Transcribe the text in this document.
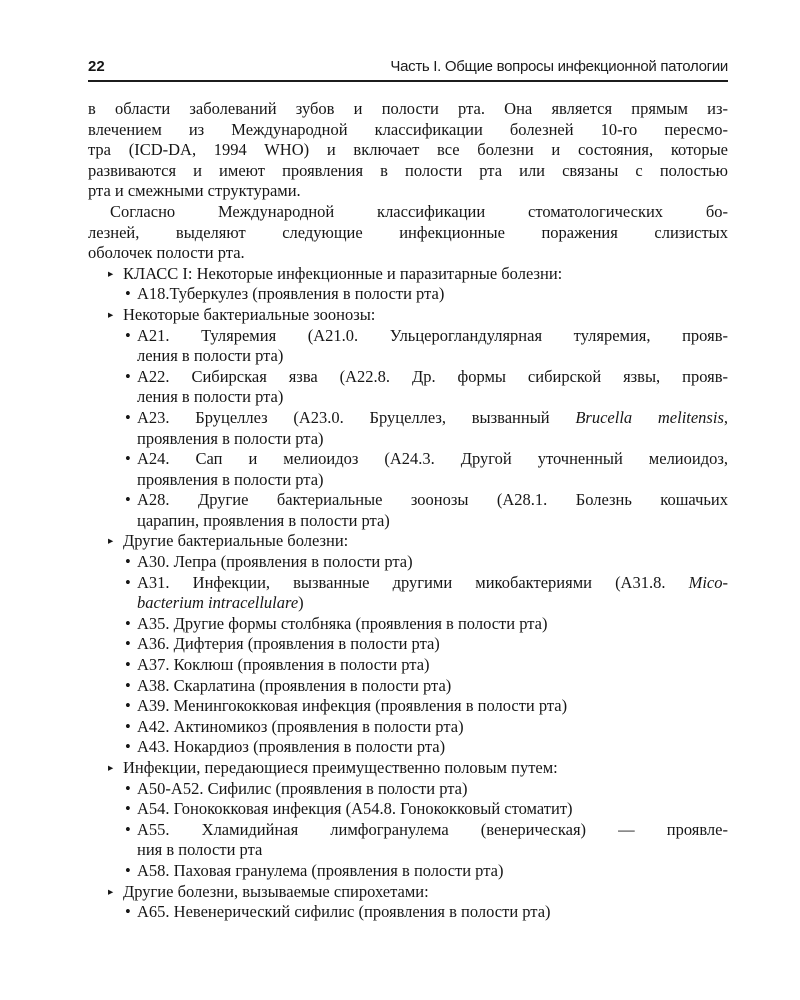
22	Часть I. Общие вопросы инфекционной патологии
в области заболеваний зубов и полости рта. Она является прямым из-
влечением из Международной классификации болезней 10-го пересмо-
тра (ICD-DA, 1994 WHO) и включает все болезни и состояния, которые
развиваются и имеют проявления в полости рта или связаны с полостью
рта и смежными структурами.
Согласно Международной классификации стоматологических бо-
лезней, выделяют следующие инфекционные поражения слизистых
оболочек полости рта.
▸ КЛАСС I: Некоторые инфекционные и паразитарные болезни:
• A18.Туберкулез (проявления в полости рта)
▸ Некоторые бактериальные зоонозы:
• A21. Туляремия (A21.0. Ульцерогландулярная туляремия, прояв-
ления в полости рта)
• A22. Сибирская язва (A22.8. Др. формы сибирской язвы, прояв-
ления в полости рта)
• A23. Бруцеллез (A23.0. Бруцеллез, вызванный Brucella melitensis,
проявления в полости рта)
• A24. Сап и мелиоидоз (A24.3. Другой уточненный мелиоидоз,
проявления в полости рта)
• A28. Другие бактериальные зоонозы (A28.1. Болезнь кошачьих
царапин, проявления в полости рта)
▸ Другие бактериальные болезни:
• A30. Лепра (проявления в полости рта)
• A31. Инфекции, вызванные другими микобактериями (A31.8. Mico-
bacterium intracellulare)
• A35. Другие формы столбняка (проявления в полости рта)
• A36. Дифтерия (проявления в полости рта)
• A37. Коклюш (проявления в полости рта)
• A38. Скарлатина (проявления в полости рта)
• A39. Менингококковая инфекция (проявления в полости рта)
• A42. Актиномикоз (проявления в полости рта)
• A43. Нокардиоз (проявления в полости рта)
▸ Инфекции, передающиеся преимущественно половым путем:
• A50-A52. Сифилис (проявления в полости рта)
• A54. Гонококковая инфекция (A54.8. Гонококковый стоматит)
• A55. Хламидийная лимфогранулема (венерическая) — проявле-
ния в полости рта
• A58. Паховая гранулема (проявления в полости рта)
▸ Другие болезни, вызываемые спирохетами:
• A65. Невенерический сифилис (проявления в полости рта)
